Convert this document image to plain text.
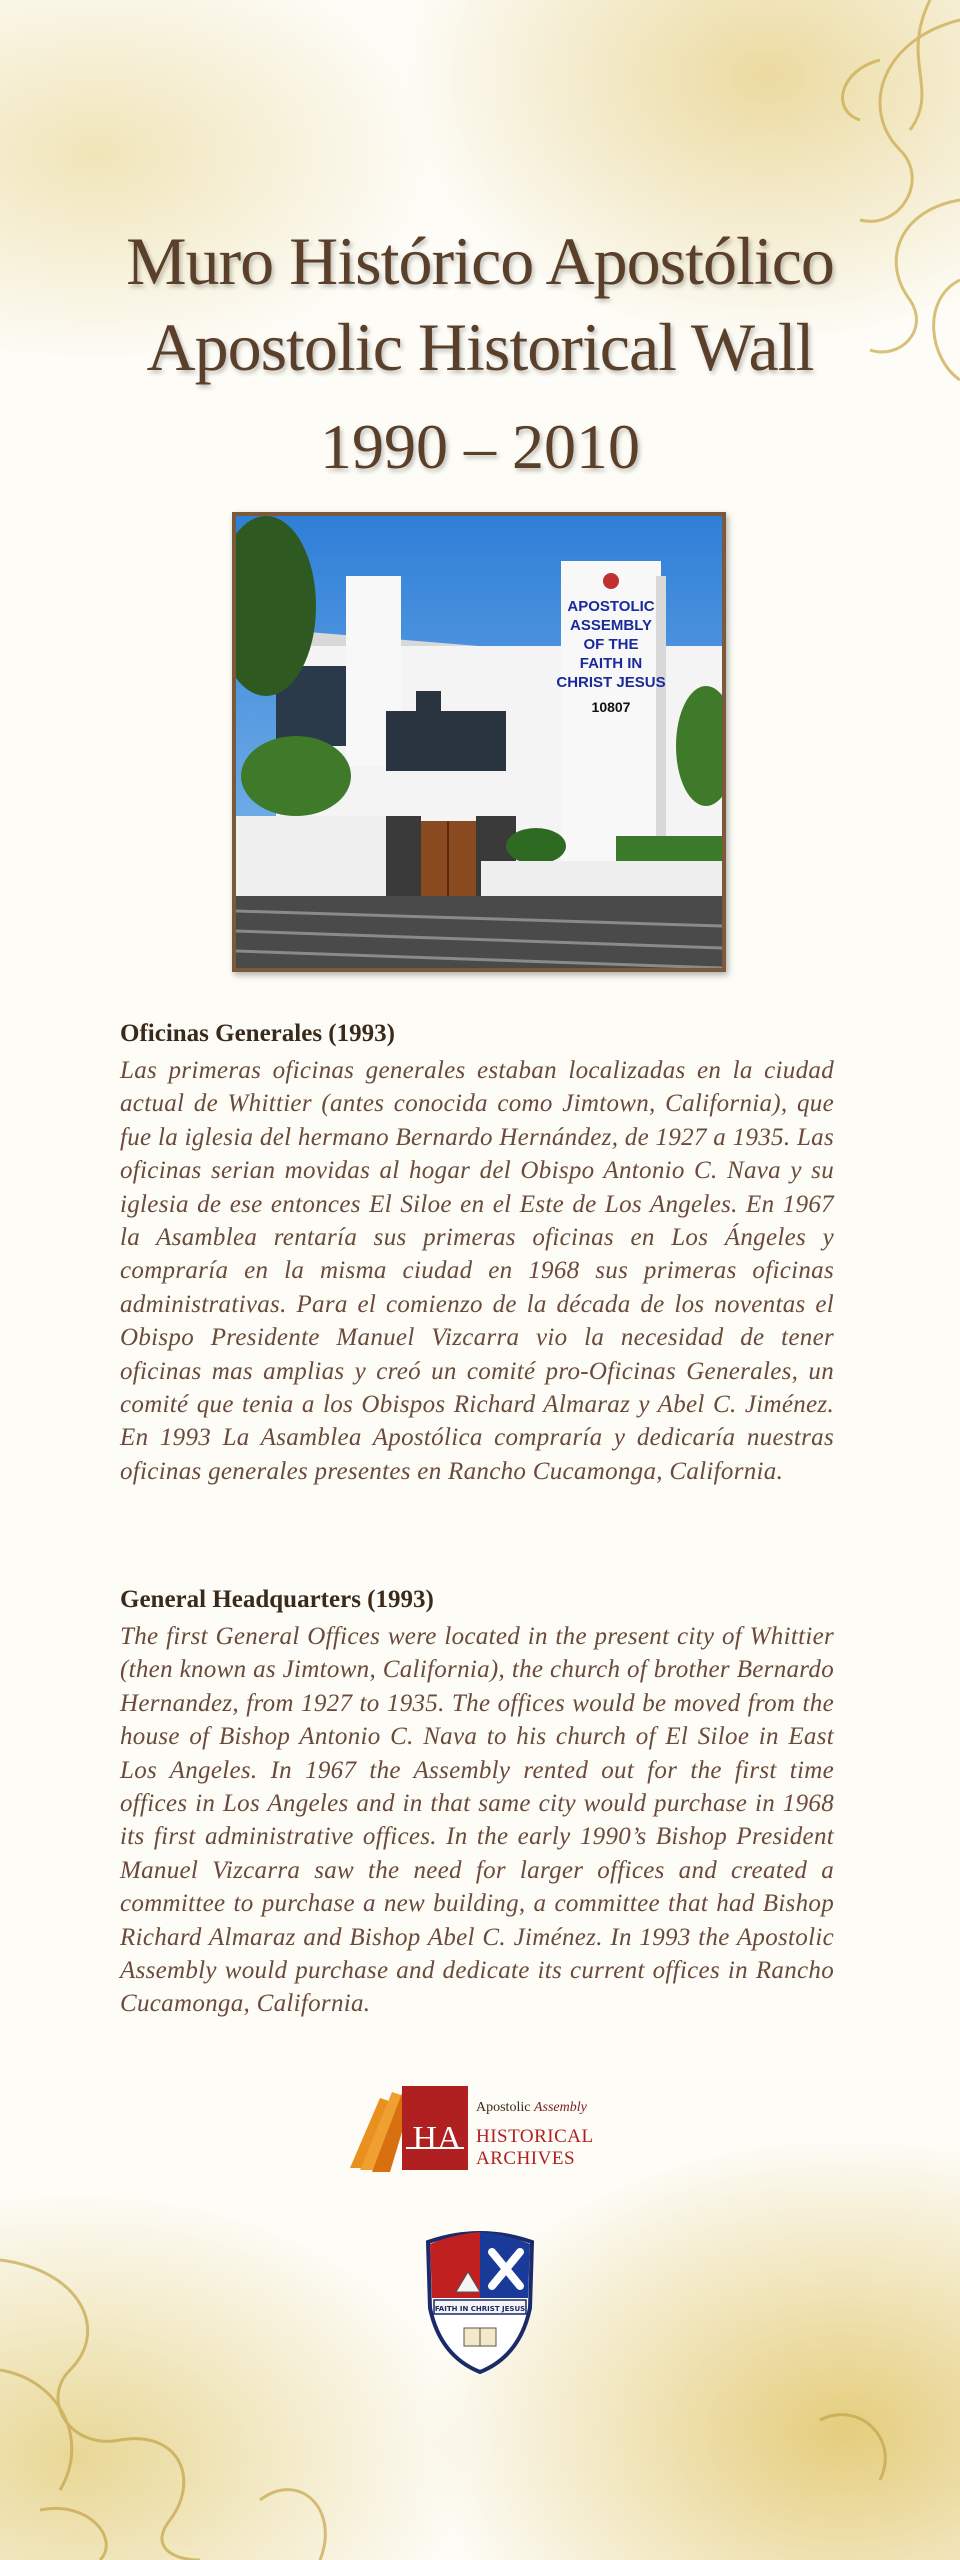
Muro Histórico Apostólico
Apostolic Historical Wall
1990 – 2010
APOSTOLIC
ASSEMBLY
OF THE
FAITH IN
CHRIST JESUS
10807
Oficinas Generales (1993)
Las primeras oficinas generales estaban localizadas en la ciudad actual de Whittier (antes conocida como Jimtown, California), que fue la iglesia del hermano Bernardo Hernández, de 1927 a 1935. Las oficinas serian movidas al hogar del Obispo Antonio C. Nava y su iglesia de ese entonces El Siloe en el Este de Los Angeles. En 1967 la Asamblea rentaría sus primeras oficinas en Los Ángeles y compraría en la misma ciudad en 1968 sus primeras oficinas administrativas. Para el comienzo de la década de los noventas el Obispo Presidente Manuel Vizcarra vio la necesidad de tener oficinas mas amplias y creó un comité pro-Oficinas Generales, un comité que tenia a los Obispos Richard Almaraz y Abel C. Jiménez. En 1993 La Asamblea Apostólica compraría y dedicaría nuestras oficinas generales presentes en Rancho Cucamonga, California.
General Headquarters (1993)
The first General Offices were located in the present city of Whittier (then known as Jimtown, California), the church of brother Bernardo Hernandez, from 1927 to 1935. The offices would be moved from the house of Bishop Antonio C. Nava to his church of El Siloe in East Los Angeles. In 1967 the Assembly rented out for the first time offices in Los Angeles and in that same city would purchase in 1968 its first administrative offices. In the early 1990’s Bishop President Manuel Vizcarra saw the need for larger offices and created a committee to purchase a new building, a committee that had Bishop Richard Almaraz and Bishop Abel C. Jiménez. In 1993 the Apostolic Assembly would purchase and dedicate its current offices in Rancho Cucamonga, California.
HA
Apostolic Assembly
HISTORICAL
ARCHIVES
FAITH IN CHRIST JESUS
